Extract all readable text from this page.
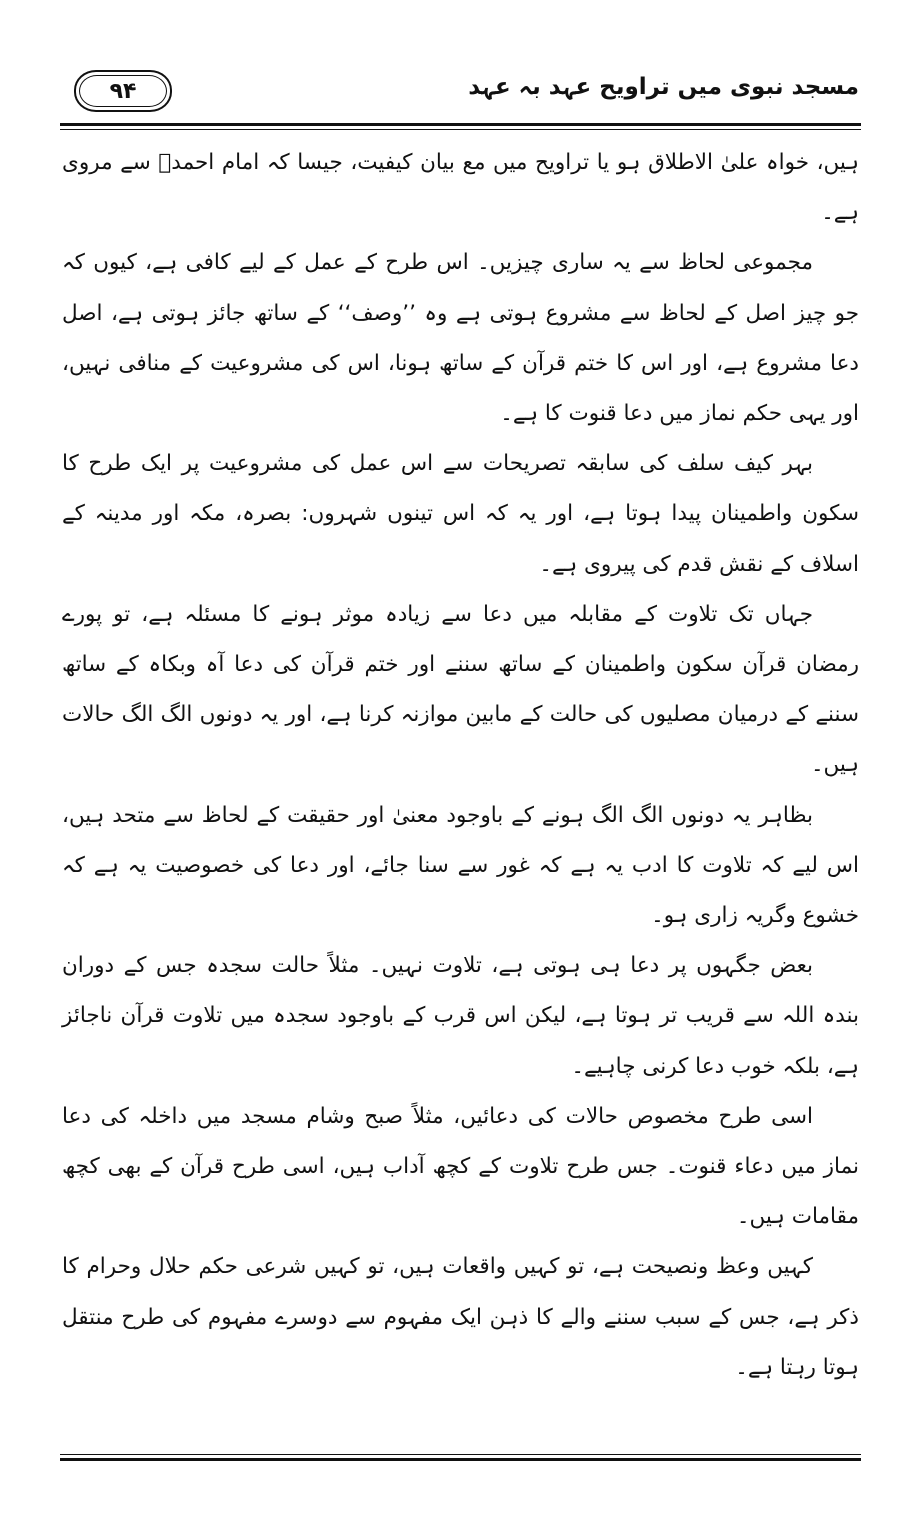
مسجد نبوی میں تراویح عہد بہ عہد
۹۴

ہیں، خواہ علیٰ الاطلاق ہو یا تراویح میں مع بیان کیفیت، جیسا کہ امام احمدؒ سے مروی ہے۔

مجموعی لحاظ سے یہ ساری چیزیں۔ اس طرح کے عمل کے لیے کافی ہے، کیوں کہ جو چیز اصل کے لحاظ سے مشروع ہوتی ہے وہ ’’وصف‘‘ کے ساتھ جائز ہوتی ہے، اصل دعا مشروع ہے، اور اس کا ختم قرآن کے ساتھ ہونا، اس کی مشروعیت کے منافی نہیں، اور یہی حکم نماز میں دعا قنوت کا ہے۔

بہر کیف سلف کی سابقہ تصریحات سے اس عمل کی مشروعیت پر ایک طرح کا سکون واطمینان پیدا ہوتا ہے، اور یہ کہ اس تینوں شہروں: بصرہ، مکہ اور مدینہ کے اسلاف کے نقش قدم کی پیروی ہے۔

جہاں تک تلاوت کے مقابلہ میں دعا سے زیادہ موثر ہونے کا مسئلہ ہے، تو پورے رمضان قرآن سکون واطمینان کے ساتھ سننے اور ختم قرآن کی دعا آہ وبکاہ کے ساتھ سننے کے درمیان مصلیوں کی حالت کے مابین موازنہ کرنا ہے، اور یہ دونوں الگ الگ حالات ہیں۔

بظاہر یہ دونوں الگ الگ ہونے کے باوجود معنیٰ اور حقیقت کے لحاظ سے متحد ہیں، اس لیے کہ تلاوت کا ادب یہ ہے کہ غور سے سنا جائے، اور دعا کی خصوصیت یہ ہے کہ خشوع وگریہ زاری ہو۔

بعض جگہوں پر دعا ہی ہوتی ہے، تلاوت نہیں۔ مثلاً حالت سجدہ جس کے دوران بندہ اللہ سے قریب تر ہوتا ہے، لیکن اس قرب کے باوجود سجدہ میں تلاوت قرآن ناجائز ہے، بلکہ خوب دعا کرنی چاہیے۔

اسی طرح مخصوص حالات کی دعائیں، مثلاً صبح وشام مسجد میں داخلہ کی دعا نماز میں دعاء قنوت۔ جس طرح تلاوت کے کچھ آداب ہیں، اسی طرح قرآن کے بھی کچھ مقامات ہیں۔

کہیں وعظ ونصیحت ہے، تو کہیں واقعات ہیں، تو کہیں شرعی حکم حلال وحرام کا ذکر ہے، جس کے سبب سننے والے کا ذہن ایک مفہوم سے دوسرے مفہوم کی طرح منتقل ہوتا رہتا ہے۔
